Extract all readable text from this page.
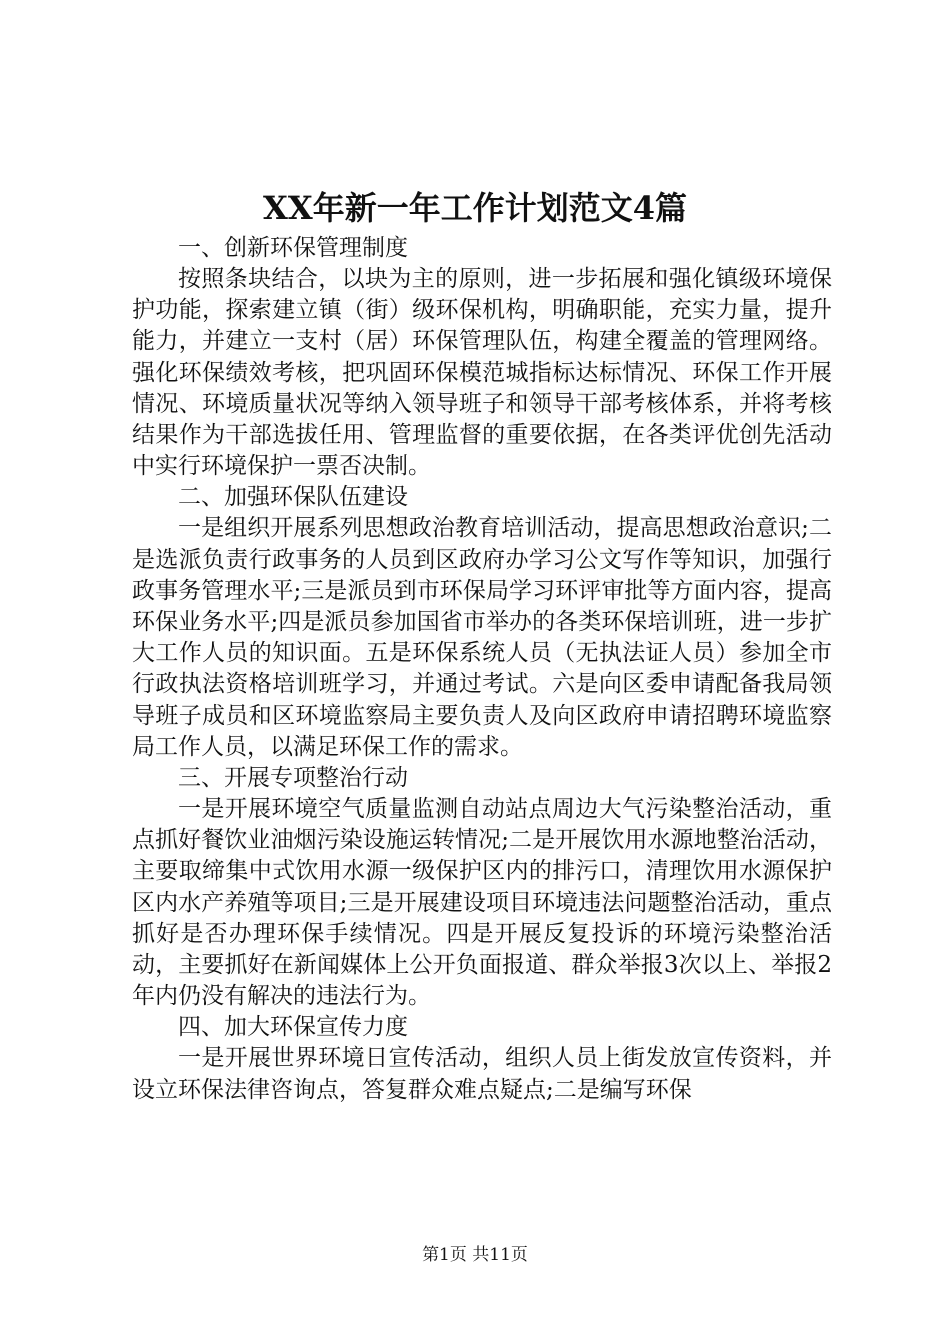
XX年新一年工作计划范文4篇

一、创新环保管理制度

按照条块结合，以块为主的原则，进一步拓展和强化镇级环境保护功能，探索建立镇（街）级环保机构，明确职能，充实力量，提升能力，并建立一支村（居）环保管理队伍，构建全覆盖的管理网络。强化环保绩效考核，把巩固环保模范城指标达标情况、环保工作开展情况、环境质量状况等纳入领导班子和领导干部考核体系，并将考核结果作为干部选拔任用、管理监督的重要依据，在各类评优创先活动中实行环境保护一票否决制。

二、加强环保队伍建设

一是组织开展系列思想政治教育培训活动，提高思想政治意识;二是选派负责行政事务的人员到区政府办学习公文写作等知识，加强行政事务管理水平;三是派员到市环保局学习环评审批等方面内容，提高环保业务水平;四是派员参加国省市举办的各类环保培训班，进一步扩大工作人员的知识面。五是环保系统人员（无执法证人员）参加全市行政执法资格培训班学习，并通过考试。六是向区委申请配备我局领导班子成员和区环境监察局主要负责人及向区政府申请招聘环境监察局工作人员，以满足环保工作的需求。

三、开展专项整治行动

一是开展环境空气质量监测自动站点周边大气污染整治活动，重点抓好餐饮业油烟污染设施运转情况;二是开展饮用水源地整治活动，主要取缔集中式饮用水源一级保护区内的排污口，清理饮用水源保护区内水产养殖等项目;三是开展建设项目环境违法问题整治活动，重点抓好是否办理环保手续情况。四是开展反复投诉的环境污染整治活动，主要抓好在新闻媒体上公开负面报道、群众举报3次以上、举报2年内仍没有解决的违法行为。

四、加大环保宣传力度

一是开展世界环境日宣传活动，组织人员上街发放宣传资料，并设立环保法律咨询点，答复群众难点疑点;二是编写环保

第1页 共11页
